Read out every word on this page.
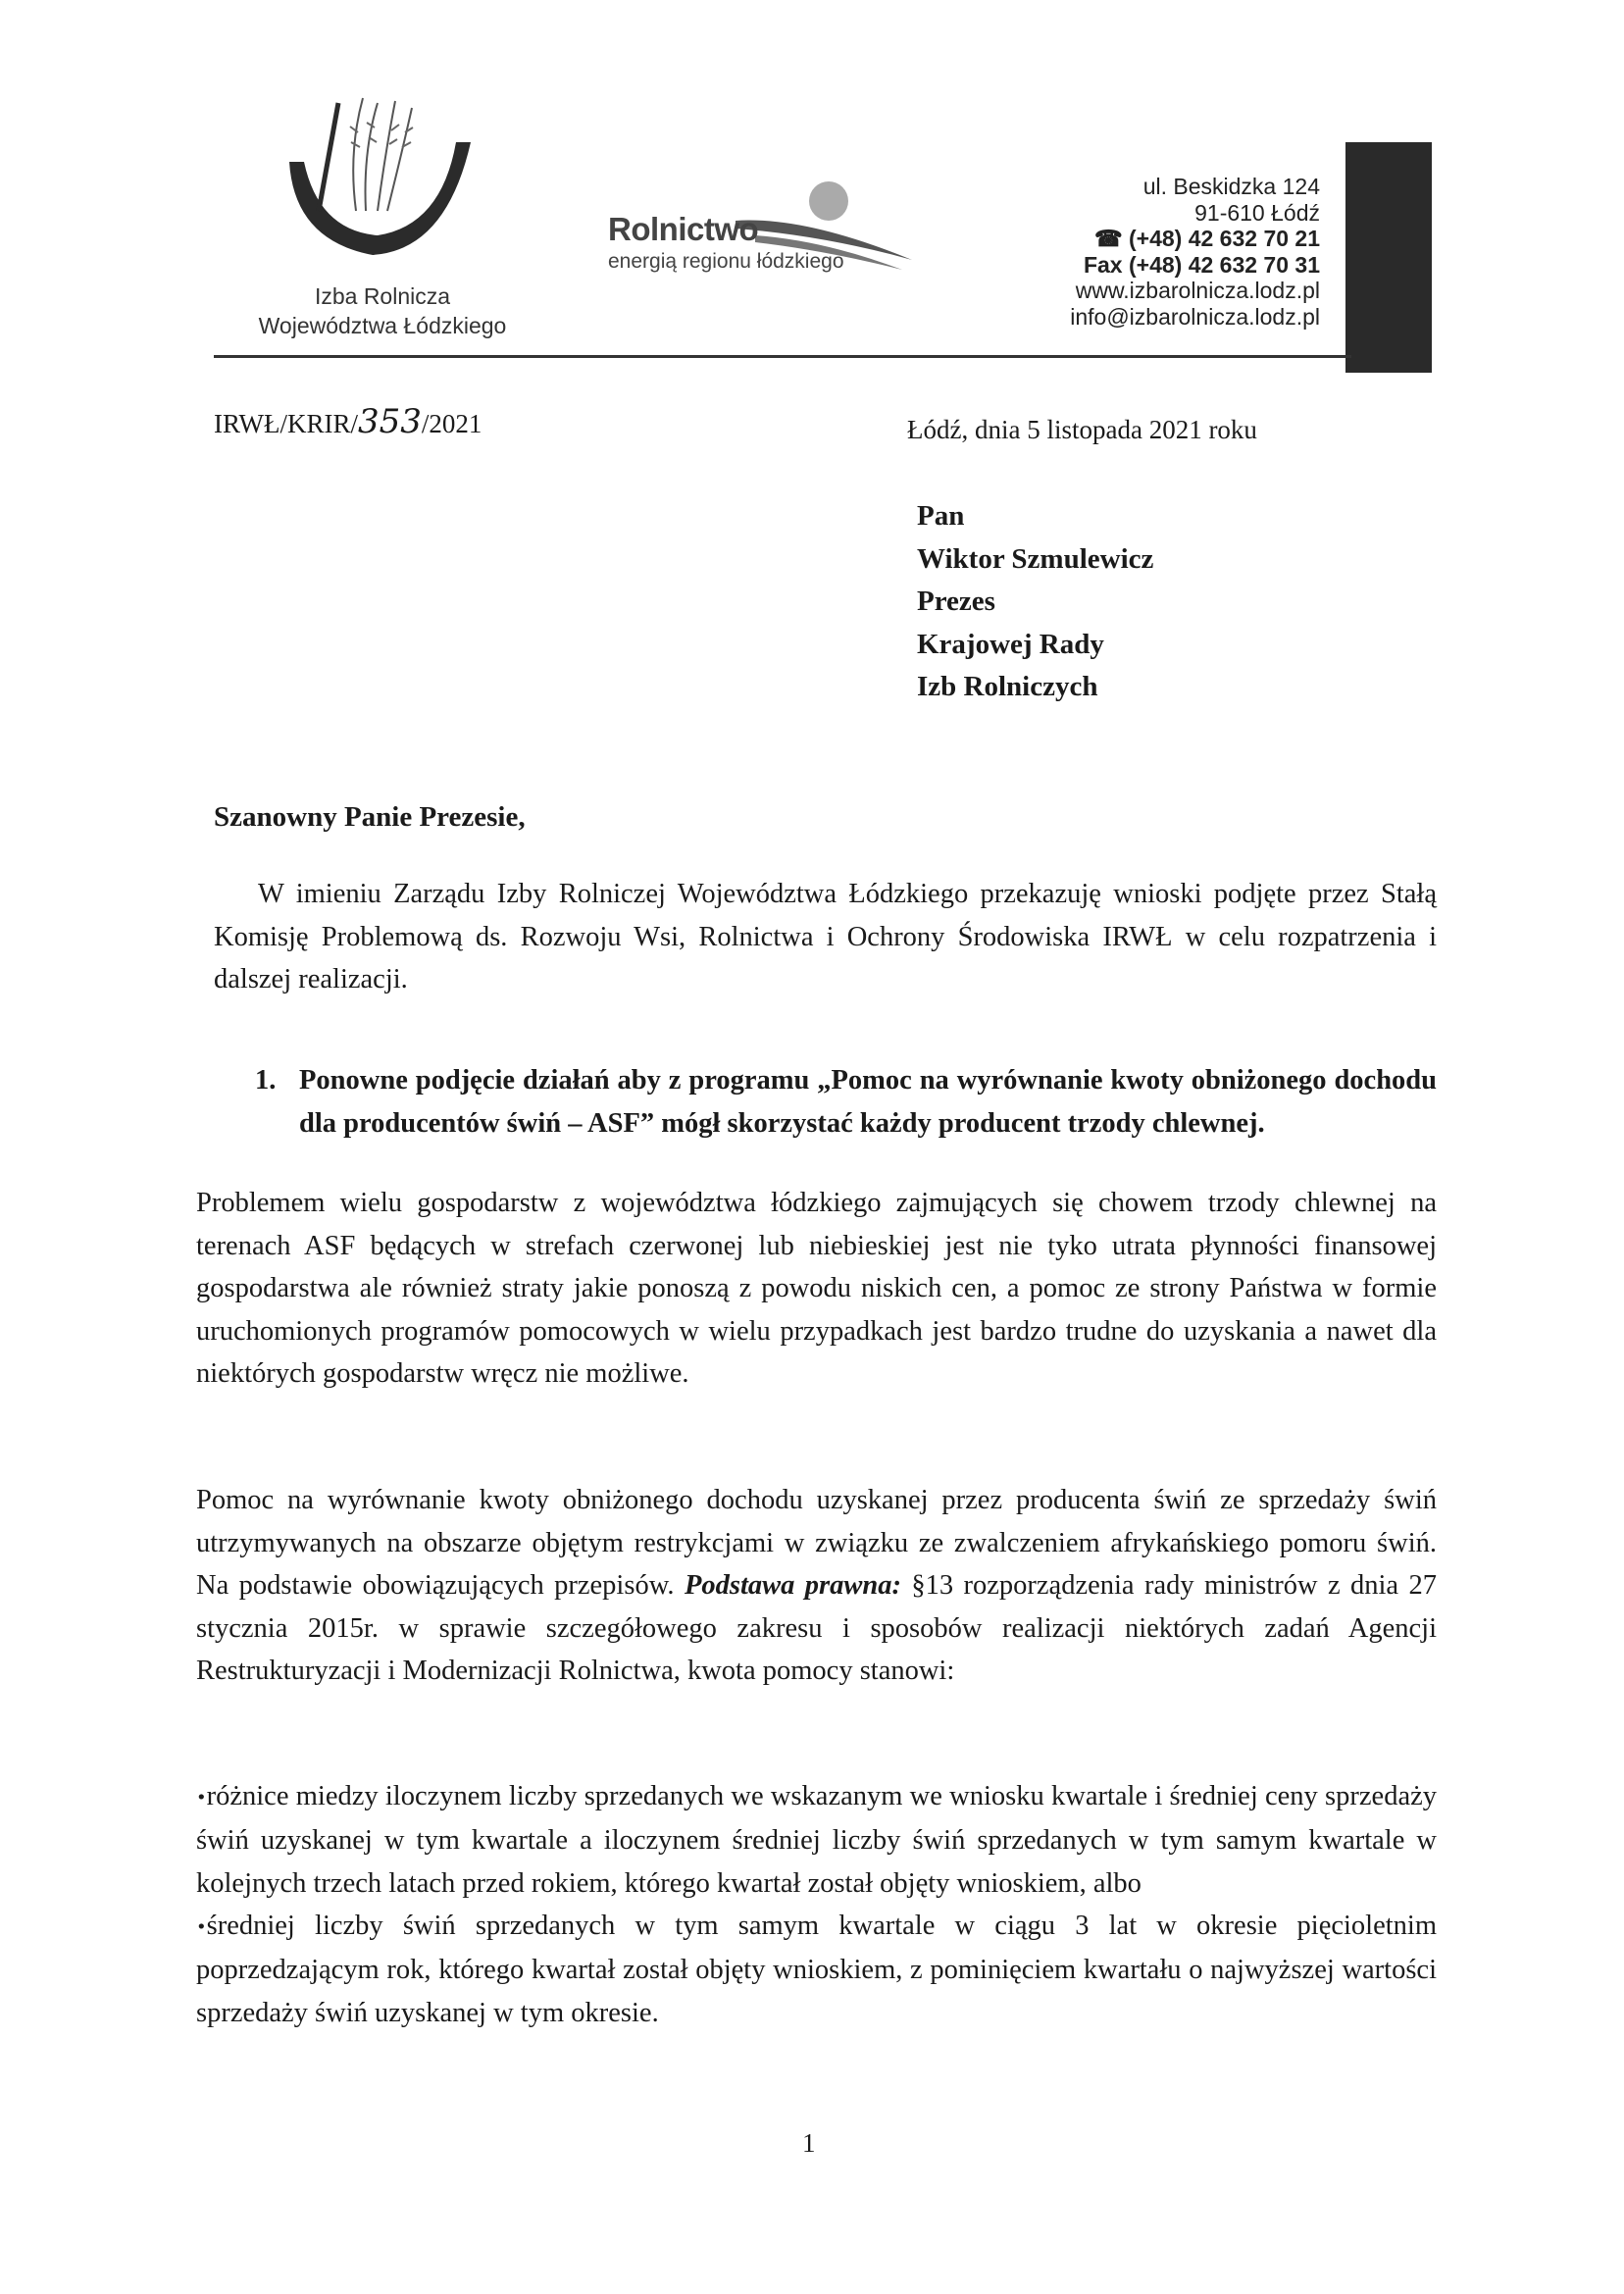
Izba Rolnicza
Województwa Łódzkiego
Rolnictwo
energią regionu łódzkiego
ul. Beskidzka 124
91-610 Łódź
☎ (+48) 42 632 70 21
Fax (+48) 42 632 70 31
www.izbarolnicza.lodz.pl
info@izbarolnicza.lodz.pl
IRWŁ/KRIR/353/2021	Łódź, dnia 5 listopada 2021 roku
Pan
Wiktor Szmulewicz
Prezes
Krajowej Rady
Izb Rolniczych
Szanowny Panie Prezesie,
W imieniu Zarządu Izby Rolniczej Województwa Łódzkiego przekazuję wnioski podjęte przez Stałą Komisję Problemową ds. Rozwoju Wsi, Rolnictwa i Ochrony Środowiska IRWŁ w celu rozpatrzenia i dalszej realizacji.
1. Ponowne podjęcie działań aby z programu „Pomoc na wyrównanie kwoty obniżonego dochodu dla producentów świń – ASF” mógł skorzystać każdy producent trzody chlewnej.
Problemem wielu gospodarstw z województwa łódzkiego zajmujących się chowem trzody chlewnej na terenach ASF będących w strefach czerwonej lub niebieskiej jest nie tyko utrata płynności finansowej gospodarstwa ale również straty jakie ponoszą z powodu niskich cen, a pomoc ze strony Państwa w formie uruchomionych programów pomocowych w wielu przypadkach jest bardzo trudne do uzyskania a nawet dla niektórych gospodarstw wręcz nie możliwe.
Pomoc na wyrównanie kwoty obniżonego dochodu uzyskanej przez producenta świń ze sprzedaży świń utrzymywanych na obszarze objętym restrykcjami w związku ze zwalczeniem afrykańskiego pomoru świń. Na podstawie obowiązujących przepisów. Podstawa prawna: §13 rozporządzenia rady ministrów z dnia 27 stycznia 2015r. w sprawie szczegółowego zakresu i sposobów realizacji niektórych zadań Agencji Restrukturyzacji i Modernizacji Rolnictwa, kwota pomocy stanowi:

•różnice miedzy iloczynem liczby sprzedanych we wskazanym we wniosku kwartale i średniej ceny sprzedaży świń uzyskanej w tym kwartale a iloczynem średniej liczby świń sprzedanych w tym samym kwartale w kolejnych trzech latach przed rokiem, którego kwartał został objęty wnioskiem, albo

•średniej liczby świń sprzedanych w tym samym kwartale w ciągu 3 lat w okresie pięcioletnim poprzedzającym rok, którego kwartał został objęty wnioskiem, z pominięciem kwartału o najwyższej wartości sprzedaży świń uzyskanej w tym okresie.

1
